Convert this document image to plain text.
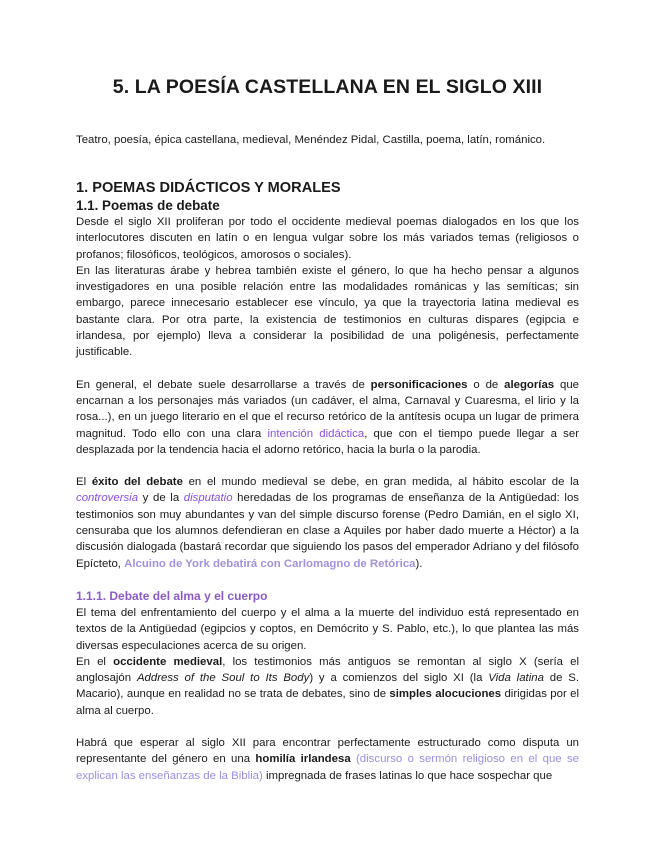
5. LA POESÍA CASTELLANA EN EL SIGLO XIII

Teatro, poesía, épica castellana, medieval, Menéndez Pidal, Castilla, poema, latín, románico.

1. POEMAS DIDÁCTICOS Y MORALES
1.1. Poemas de debate

Desde el siglo XII proliferan por todo el occidente medieval poemas dialogados en los que los interlocutores discuten en latín o en lengua vulgar sobre los más variados temas (religiosos o profanos; filosóficos, teológicos, amorosos o sociales).

En las literaturas árabe y hebrea también existe el género, lo que ha hecho pensar a algunos investigadores en una posible relación entre las modalidades románicas y las semíticas; sin embargo, parece innecesario establecer ese vínculo, ya que la trayectoria latina medieval es bastante clara. Por otra parte, la existencia de testimonios en culturas dispares (egipcia e irlandesa, por ejemplo) lleva a considerar la posibilidad de una poligénesis, perfectamente justificable.

En general, el debate suele desarrollarse a través de personificaciones o de alegorías que encarnan a los personajes más variados (un cadáver, el alma, Carnaval y Cuaresma, el lirio y la rosa...), en un juego literario en el que el recurso retórico de la antítesis ocupa un lugar de primera magnitud. Todo ello con una clara intención didáctica, que con el tiempo puede llegar a ser desplazada por la tendencia hacia el adorno retórico, hacia la burla o la parodia.

El éxito del debate en el mundo medieval se debe, en gran medida, al hábito escolar de la controversia y de la disputatio heredadas de los programas de enseñanza de la Antigüedad: los testimonios son muy abundantes y van del simple discurso forense (Pedro Damián, en el siglo XI, censuraba que los alumnos defendieran en clase a Aquiles por haber dado muerte a Héctor) a la discusión dialogada (bastará recordar que siguiendo los pasos del emperador Adriano y del filósofo Epícteto, Alcuino de York debatirá con Carlomagno de Retórica).

1.1.1. Debate del alma y el cuerpo

El tema del enfrentamiento del cuerpo y el alma a la muerte del individuo está representado en textos de la Antigüedad (egipcios y coptos, en Demócrito y S. Pablo, etc.), lo que plantea las más diversas especulaciones acerca de su origen.

En el occidente medieval, los testimonios más antiguos se remontan al siglo X (sería el anglosajón Address of the Soul to Its Body) y a comienzos del siglo XI (la Vida latina de S. Macario), aunque en realidad no se trata de debates, sino de simples alocuciones dirigidas por el alma al cuerpo.

Habrá que esperar al siglo XII para encontrar perfectamente estructurado como disputa un representante del género en una homilía irlandesa (discurso o sermón religioso en el que se explican las enseñanzas de la Biblia) impregnada de frases latinas lo que hace sospechar que
